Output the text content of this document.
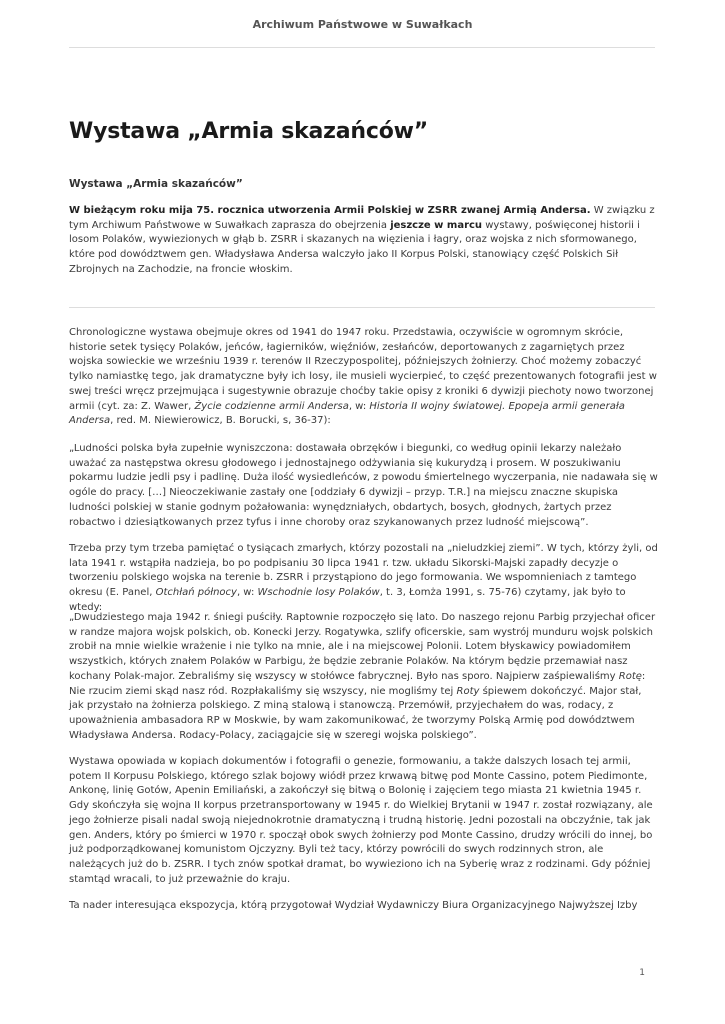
Archiwum Państwowe w Suwałkach
Wystawa „Armia skazańców”

Wystawa „Armia skazańców”

W bieżącym roku mija 75. rocznica utworzenia Armii Polskiej w ZSRR zwanej Armią Andersa. W związku z tym Archiwum Państwowe w Suwałkach zaprasza do obejrzenia jeszcze w marcu wystawy, poświęconej historii i losom Polaków, wywiezionych w głąb b. ZSRR i skazanych na więzienia i łagry, oraz wojska z nich sformowanego, które pod dowództwem gen. Władysława Andersa walczyło jako II Korpus Polski, stanowiący część Polskich Sił Zbrojnych na Zachodzie, na froncie włoskim.

Chronologiczne wystawa obejmuje okres od 1941 do 1947 roku. Przedstawia, oczywiście w ogromnym skrócie, historie setek tysięcy Polaków, jeńców, łagierników, więźniów, zesłańców, deportowanych z zagarniętych przez wojska sowieckie we wrześniu 1939 r. terenów II Rzeczypospolitej, późniejszych żołnierzy. Choć możemy zobaczyć tylko namiastkę tego, jak dramatyczne były ich losy, ile musieli wycierpieć, to część prezentowanych fotografii jest w swej treści wręcz przejmująca i sugestywnie obrazuje choćby takie opisy z kroniki 6 dywizji piechoty nowo tworzonej armii (cyt. za: Z. Wawer, Życie codzienne armii Andersa, w: Historia II wojny światowej. Epopeja armii generała Andersa, red. M. Niewierowicz, B. Borucki, s, 36-37):

„Ludności polska była zupełnie wyniszczona: dostawała obrzęków i biegunki, co według opinii lekarzy należało uważać za następstwa okresu głodowego i jednostajnego odżywiania się kukurydzą i prosem. W poszukiwaniu pokarmu ludzie jedli psy i padlinę. Duża ilość wysiedleńców, z powodu śmiertelnego wyczerpania, nie nadawała się w ogóle do pracy. […] Nieoczekiwanie zastały one [oddziały 6 dywizji – przyp. T.R.] na miejscu znaczne skupiska ludności polskiej w stanie godnym pożałowania: wynędzniałych, obdartych, bosych, głodnych, żartych przez robactwo i dziesiątkowanych przez tyfus i inne choroby oraz szykanowanych przez ludność miejscową”.

Trzeba przy tym trzeba pamiętać o tysiącach zmarłych, którzy pozostali na „nieludzkiej ziemi”. W tych, którzy żyli, od lata 1941 r. wstąpiła nadzieja, bo po podpisaniu 30 lipca 1941 r. tzw. układu Sikorski-Majski zapadły decyzje o tworzeniu polskiego wojska na terenie b. ZSRR i przystąpiono do jego formowania. We wspomnieniach z tamtego okresu (E. Panel, Otchłań północy, w: Wschodnie losy Polaków, t. 3, Łomża 1991, s. 75-76) czytamy, jak było to wtedy:

„Dwudziestego maja 1942 r. śniegi puściły. Raptownie rozpoczęło się lato. Do naszego rejonu Parbig przyjechał oficer w randze majora wojsk polskich, ob. Konecki Jerzy. Rogatywka, szlify oficerskie, sam wystrój munduru wojsk polskich zrobił na mnie wielkie wrażenie i nie tylko na mnie, ale i na miejscowej Polonii. Lotem błyskawicy powiadomiłem wszystkich, których znałem Polaków w Parbigu, że będzie zebranie Polaków. Na którym będzie przemawiał nasz kochany Polak-major. Zebraliśmy się wszyscy w stołówce fabrycznej. Było nas sporo. Najpierw zaśpiewaliśmy Rotę: Nie rzucim ziemi skąd nasz ród. Rozpłakaliśmy się wszyscy, nie mogliśmy tej Roty śpiewem dokończyć. Major stał, jak przystało na żołnierza polskiego. Z miną stalową i stanowczą. Przemówił, przyjechałem do was, rodacy, z upoważnienia ambasadora RP w Moskwie, by wam zakomunikować, że tworzymy Polską Armię pod dowództwem Władysława Andersa. Rodacy-Polacy, zaciągajcie się w szeregi wojska polskiego”.

Wystawa opowiada w kopiach dokumentów i fotografii o genezie, formowaniu, a także dalszych losach tej armii, potem II Korpusu Polskiego, którego szlak bojowy wiódł przez krwawą bitwę pod Monte Cassino, potem Piedimonte, Ankonę, linię Gotów, Apenin Emiliański, a zakończył się bitwą o Bolonię i zajęciem tego miasta 21 kwietnia 1945 r. Gdy skończyła się wojna II korpus przetransportowany w 1945 r. do Wielkiej Brytanii w 1947 r. został rozwiązany, ale jego żołnierze pisali nadal swoją niejednokrotnie dramatyczną i trudną historię. Jedni pozostali na obczyźnie, tak jak gen. Anders, który po śmierci w 1970 r. spoczął obok swych żołnierzy pod Monte Cassino, drudzy wrócili do innej, bo już podporządkowanej komunistom Ojczyzny. Byli też tacy, którzy powrócili do swych rodzinnych stron, ale należących już do b. ZSRR. I tych znów spotkał dramat, bo wywieziono ich na Syberię wraz z rodzinami. Gdy później stamtąd wracali, to już przeważnie do kraju.

Ta nader interesująca ekspozycja, którą przygotował Wydział Wydawniczy Biura Organizacyjnego Najwyższej Izby

1
